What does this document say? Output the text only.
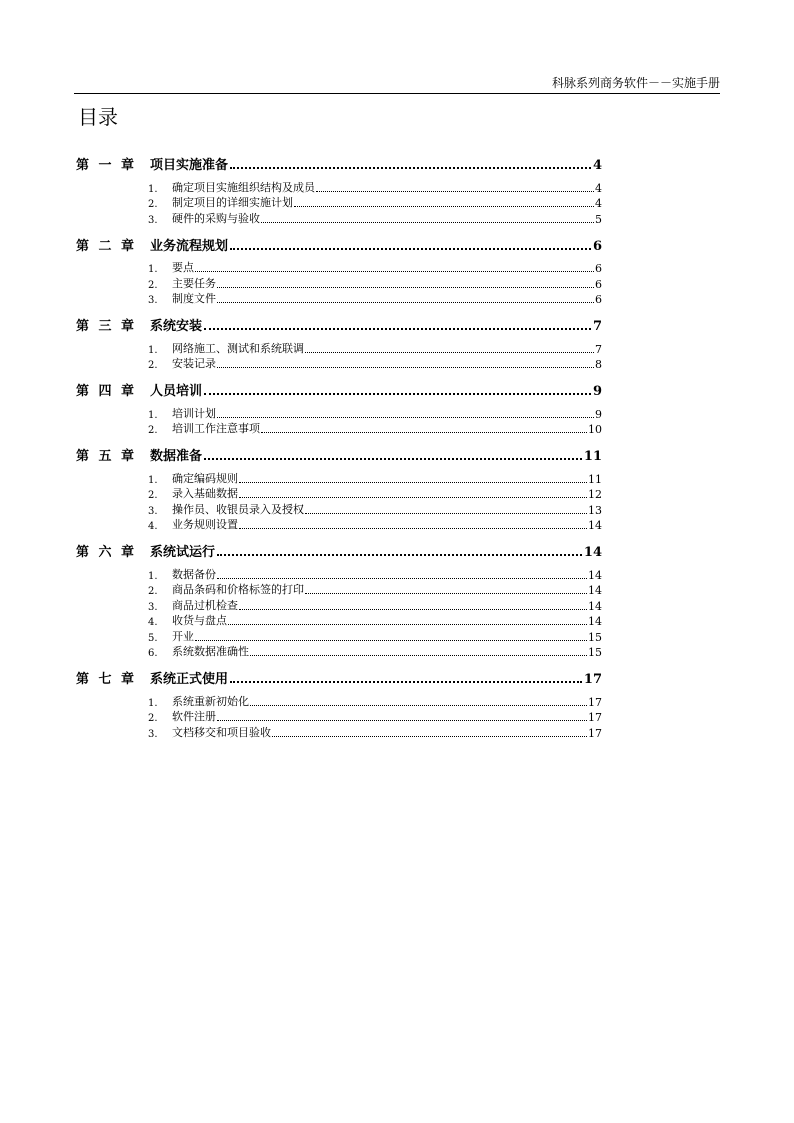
科脉系列商务软件－－实施手册
目录
第 一 章 项目实施准备	4
1.	确定项目实施组织结构及成员	4
2.	制定项目的详细实施计划	4
3.	硬件的采购与验收	5
第 二 章 业务流程规划	6
1.	要点	6
2.	主要任务	6
3.	制度文件	6
第 三 章 系统安装	7
1.	网络施工、测试和系统联调	7
2.	安装记录	8
第 四 章 人员培训	9
1.	培训计划	9
2.	培训工作注意事项	10
第 五 章 数据准备	11
1.	确定编码规则	11
2.	录入基础数据	12
3.	操作员、收银员录入及授权	13
4.	业务规则设置	14
第 六 章 系统试运行	14
1.	数据备份	14
2.	商品条码和价格标签的打印	14
3.	商品过机检查	14
4.	收货与盘点	14
5.	开业	15
6.	系统数据准确性	15
第 七 章 系统正式使用	17
1.	系统重新初始化	17
2.	软件注册	17
3.	文档移交和项目验收	17
